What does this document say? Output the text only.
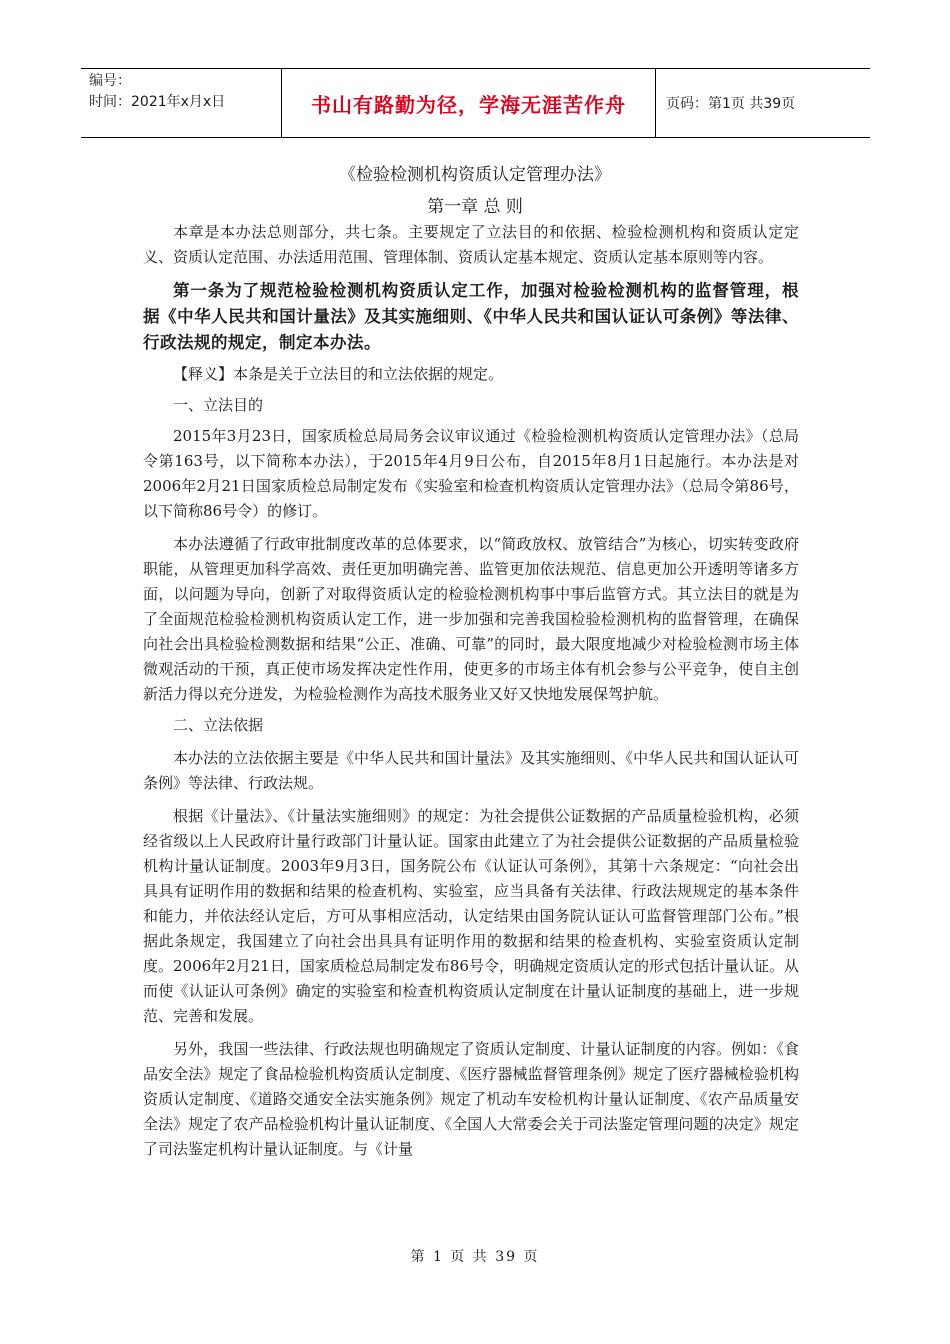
编号：
时间：2021年x月x日	书山有路勤为径，学海无涯苦作舟	页码：第1页 共39页
《检验检测机构资质认定管理办法》
第一章 总 则

本章是本办法总则部分，共七条。主要规定了立法目的和依据、检验检测机构和资质认定定义、资质认定范围、办法适用范围、管理体制、资质认定基本规定、资质认定基本原则等内容。

第一条为了规范检验检测机构资质认定工作，加强对检验检测机构的监督管理，根据《中华人民共和国计量法》及其实施细则、《中华人民共和国认证认可条例》等法律、行政法规的规定，制定本办法。

【释义】本条是关于立法目的和立法依据的规定。

一、立法目的

2015年3月23日，国家质检总局局务会议审议通过《检验检测机构资质认定管理办法》（总局令第163号，以下简称本办法），于2015年4月9日公布，自2015年8月1日起施行。本办法是对2006年2月21日国家质检总局制定发布《实验室和检查机构资质认定管理办法》（总局令第86号，以下简称86号令）的修订。

本办法遵循了行政审批制度改革的总体要求，以“简政放权、放管结合”为核心，切实转变政府职能，从管理更加科学高效、责任更加明确完善、监管更加依法规范、信息更加公开透明等诸多方面，以问题为导向，创新了对取得资质认定的检验检测机构事中事后监管方式。其立法目的就是为了全面规范检验检测机构资质认定工作，进一步加强和完善我国检验检测机构的监督管理，在确保向社会出具检验检测数据和结果“公正、准确、可靠”的同时，最大限度地减少对检验检测市场主体微观活动的干预，真正使市场发挥决定性作用，使更多的市场主体有机会参与公平竞争，使自主创新活力得以充分迸发，为检验检测作为高技术服务业又好又快地发展保驾护航。

二、立法依据

本办法的立法依据主要是《中华人民共和国计量法》及其实施细则、《中华人民共和国认证认可条例》等法律、行政法规。

根据《计量法》、《计量法实施细则》的规定：为社会提供公证数据的产品质量检验机构，必须经省级以上人民政府计量行政部门计量认证。国家由此建立了为社会提供公证数据的产品质量检验机构计量认证制度。2003年9月3日，国务院公布《认证认可条例》，其第十六条规定：“向社会出具具有证明作用的数据和结果的检查机构、实验室，应当具备有关法律、行政法规规定的基本条件和能力，并依法经认定后，方可从事相应活动，认定结果由国务院认证认可监督管理部门公布。”根据此条规定，我国建立了向社会出具具有证明作用的数据和结果的检查机构、实验室资质认定制度。2006年2月21日，国家质检总局制定发布86号令，明确规定资质认定的形式包括计量认证。从而使《认证认可条例》确定的实验室和检查机构资质认定制度在计量认证制度的基础上，进一步规范、完善和发展。

另外，我国一些法律、行政法规也明确规定了资质认定制度、计量认证制度的内容。例如：《食品安全法》规定了食品检验机构资质认定制度、《医疗器械监督管理条例》规定了医疗器械检验机构资质认定制度、《道路交通安全法实施条例》规定了机动车安检机构计量认证制度、《农产品质量安全法》规定了农产品检验机构计量认证制度、《全国人大常委会关于司法鉴定管理问题的决定》规定了司法鉴定机构计量认证制度。与《计量

第 1 页 共 39 页
